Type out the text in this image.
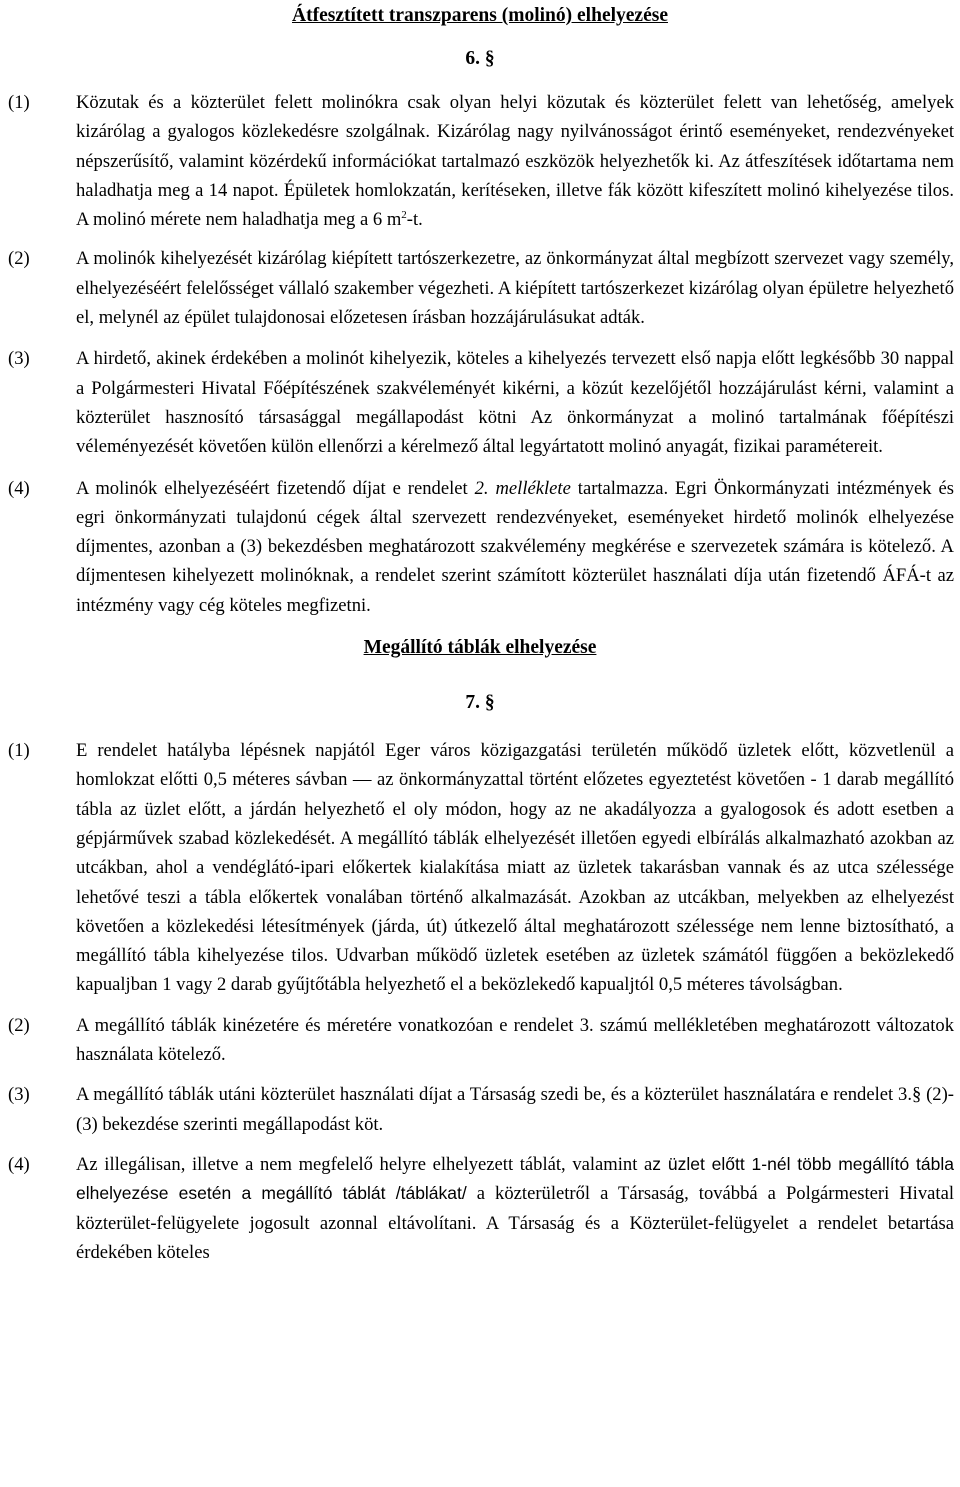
Átfesztített transzparens (molinó) elhelyezése

6. §

(1)	Közutak és a közterület felett molinókra csak olyan helyi közutak és közterület felett van lehetőség, amelyek kizárólag a gyalogos közlekedésre szolgálnak. Kizárólag nagy nyilvánosságot érintő eseményeket, rendezvényeket népszerűsítő, valamint közérdekű információkat tartalmazó eszközök helyezhetők ki. Az átfeszítések időtartama nem haladhatja meg a 14 napot. Épületek homlokzatán, kerítéseken, illetve fák között kifeszített molinó kihelyezése tilos. A molinó mérete nem haladhatja meg a 6 $m^2-t$.
(2)	A molinók kihelyezését kizárólag kiépített tartószerkezetre, az önkormányzat által megbízott szervezet vagy személy, elhelyezéséért felelősséget vállaló szakember végezheti. A kiépített tartószerkezet kizárólag olyan épületre helyezhető el, melynél az épület tulajdonosai előzetesen írásban hozzájárulásukat adták.
(3)	A hirdető, akinek érdekében a molinót kihelyezik, köteles a kihelyezés tervezett első napja előtt legkésőbb 30 nappal a Polgármesteri Hivatal Főépítészének szakvéleményét kikérni, a közút kezelőjétől hozzájárulást kérni, valamint a közterület hasznosító társasággal megállapodást kötni Az önkormányzat a molinó tartalmának főépítészi véleményezését követően külön ellenőrzi a kérelmező által legyártatott molinó anyagát, fizikai paramétereit.
(4)	A molinók elhelyezéséért fizetendő díjat e rendelet 2. melléklete tartalmazza. Egri Önkormányzati intézmények és egri önkormányzati tulajdonú cégek által szervezett rendezvényeket, eseményeket hirdető molinók elhelyezése díjmentes, azonban a (3) bekezdésben meghatározott szakvélemény megkérése e szervezetek számára is kötelező. A díjmentesen kihelyezett molinóknak, a rendelet szerint számított közterület használati díja után fizetendő ÁFÁ-t az intézmény vagy cég köteles megfizetni.

Megállító táblák elhelyezése

7. §

(1)	E rendelet hatályba lépésnek napjától Eger város közigazgatási területén működő üzletek előtt, közvetlenül a homlokzat előtti 0,5 méteres sávban — az önkormányzattal történt előzetes egyeztetést követően - 1 darab megállító tábla az üzlet előtt, a járdán helyezhető el oly módon, hogy az ne akadályozza a gyalogosok és adott esetben a gépjárművek szabad közlekedését. A megállító táblák elhelyezését illetően egyedi elbírálás alkalmazható azokban az utcákban, ahol a vendéglátó-ipari előkertek kialakítása miatt az üzletek takarásban vannak és az utca szélessége lehetővé teszi a tábla előkertek vonalában történő alkalmazását. Azokban az utcákban, melyekben az elhelyezést követően a közlekedési létesítmények (járda, út) útkezelő által meghatározott szélessége nem lenne biztosítható, a megállító tábla kihelyezése tilos. Udvarban működő üzletek esetében az üzletek számától függően a beközlekedő kapualjban 1 vagy 2 darab gyűjtőtábla helyezhető el a beközlekedő kapualjtól 0,5 méteres távolságban.
(2)	A megállító táblák kinézetére és méretére vonatkozóan e rendelet 3. számú mellékletében meghatározott változatok használata kötelező.
(3)	A megállító táblák utáni közterület használati díjat a Társaság szedi be, és a közterület használatára e rendelet 3.§ (2)-(3) bekezdése szerinti megállapodást köt.
(4)	Az illegálisan, illetve a nem megfelelő helyre elhelyezett táblát, valamint az üzlet előtt 1-nél több megállító tábla elhelyezése esetén a megállító táblát /táblákat/ a közterületről a Társaság, továbbá a Polgármesteri Hivatal közterület-felügyelete jogosult azonnal eltávolítani. A Társaság és a Közterület-felügyelet a rendelet betartása érdekében köteles
